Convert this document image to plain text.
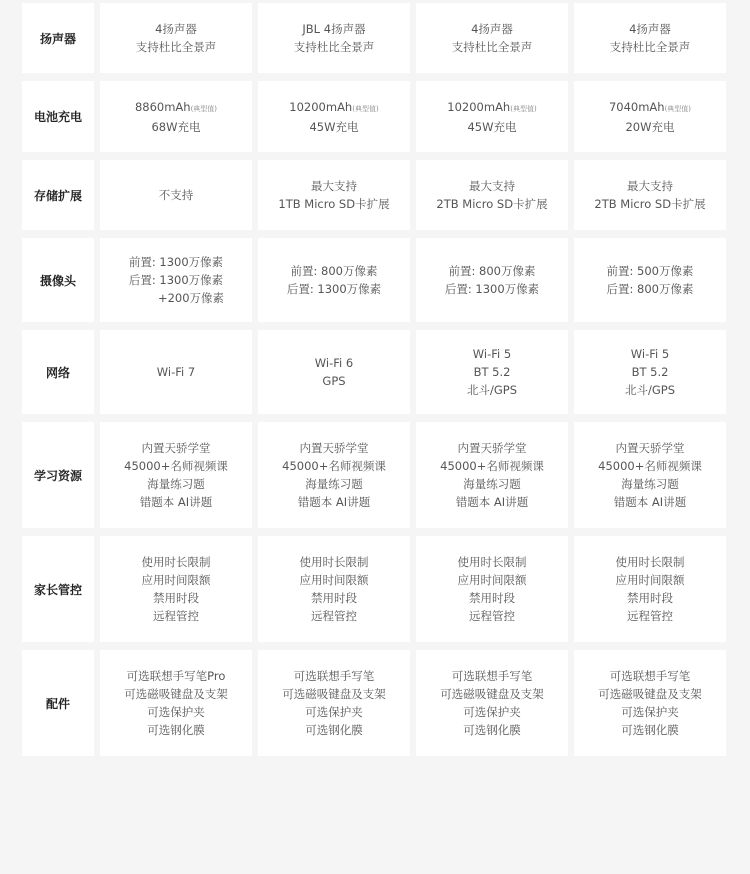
扬声器
4扬声器
支持杜比全景声
JBL 4扬声器
支持杜比全景声
4扬声器
支持杜比全景声
4扬声器
支持杜比全景声
电池充电
8860mAh(典型值)
68W充电
10200mAh(典型值)
45W充电
10200mAh(典型值)
45W充电
7040mAh(典型值)
20W充电
存储扩展	不支持
最大支持
1TB Micro SD卡扩展
最大支持
2TB Micro SD卡扩展
最大支持
2TB Micro SD卡扩展
摄像头
前置: 1300万像素
后置: 1300万像素
+200万像素
前置: 800万像素
后置: 1300万像素
前置: 800万像素
后置: 1300万像素
前置: 500万像素
后置: 800万像素
网络	Wi-Fi 7
Wi-Fi 6
GPS
Wi-Fi 5
BT 5.2
北斗/GPS
Wi-Fi 5
BT 5.2
北斗/GPS
学习资源
内置天骄学堂
45000+名师视频课
海量练习题
错题本 AI讲题
内置天骄学堂
45000+名师视频课
海量练习题
错题本 AI讲题
内置天骄学堂
45000+名师视频课
海量练习题
错题本 AI讲题
内置天骄学堂
45000+名师视频课
海量练习题
错题本 AI讲题
家长管控
使用时长限制
应用时间限额
禁用时段
远程管控
使用时长限制
应用时间限额
禁用时段
远程管控
使用时长限制
应用时间限额
禁用时段
远程管控
使用时长限制
应用时间限额
禁用时段
远程管控
配件
可选联想手写笔Pro
可选磁吸键盘及支架
可选保护夹
可选钢化膜
可选联想手写笔
可选磁吸键盘及支架
可选保护夹
可选钢化膜
可选联想手写笔
可选磁吸键盘及支架
可选保护夹
可选钢化膜
可选联想手写笔
可选磁吸键盘及支架
可选保护夹
可选钢化膜
